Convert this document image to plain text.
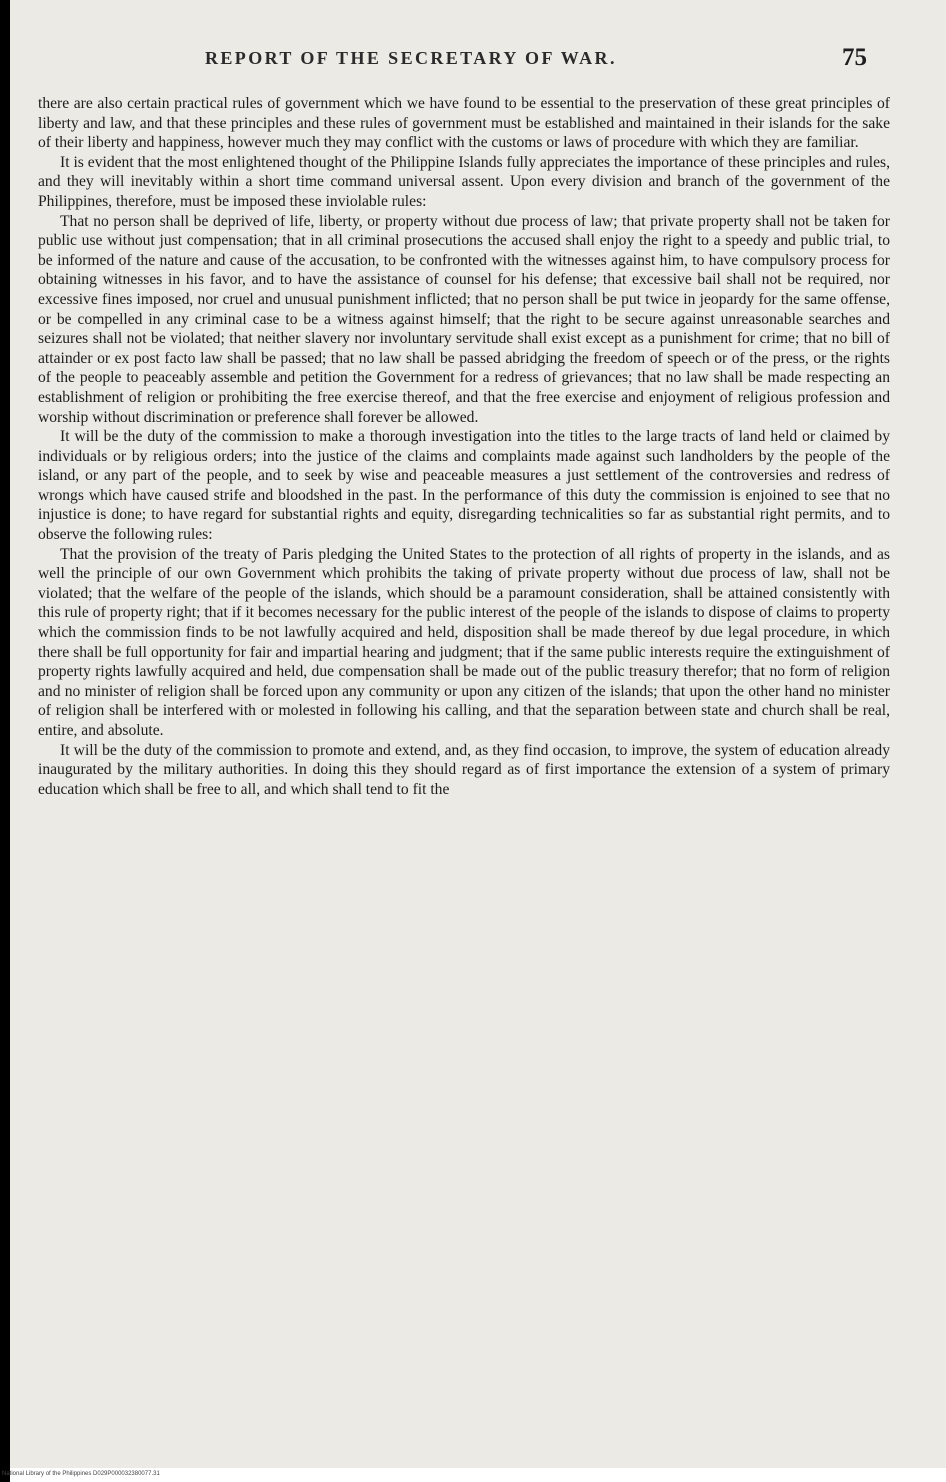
REPORT OF THE SECRETARY OF WAR.	75

there are also certain practical rules of government which we have found to be essential to the preservation of these great principles of liberty and law, and that these principles and these rules of government must be established and maintained in their islands for the sake of their liberty and happiness, however much they may conflict with the customs or laws of procedure with which they are familiar.

It is evident that the most enlightened thought of the Philippine Islands fully appreciates the importance of these principles and rules, and they will inevitably within a short time command universal assent. Upon every division and branch of the government of the Philippines, therefore, must be imposed these inviolable rules:

That no person shall be deprived of life, liberty, or property without due process of law; that private property shall not be taken for public use without just compensation; that in all criminal prosecutions the accused shall enjoy the right to a speedy and public trial, to be informed of the nature and cause of the accusation, to be confronted with the witnesses against him, to have compulsory process for obtaining witnesses in his favor, and to have the assistance of counsel for his defense; that excessive bail shall not be required, nor excessive fines imposed, nor cruel and unusual punishment inflicted; that no person shall be put twice in jeopardy for the same offense, or be compelled in any criminal case to be a witness against himself; that the right to be secure against unreasonable searches and seizures shall not be violated; that neither slavery nor involuntary servitude shall exist except as a punishment for crime; that no bill of attainder or ex post facto law shall be passed; that no law shall be passed abridging the freedom of speech or of the press, or the rights of the people to peaceably assemble and petition the Government for a redress of grievances; that no law shall be made respecting an establishment of religion or prohibiting the free exercise thereof, and that the free exercise and enjoyment of religious profession and worship without discrimination or preference shall forever be allowed.

It will be the duty of the commission to make a thorough investigation into the titles to the large tracts of land held or claimed by individuals or by religious orders; into the justice of the claims and complaints made against such landholders by the people of the island, or any part of the people, and to seek by wise and peaceable measures a just settlement of the controversies and redress of wrongs which have caused strife and bloodshed in the past. In the performance of this duty the commission is enjoined to see that no injustice is done; to have regard for substantial rights and equity, disregarding technicalities so far as substantial right permits, and to observe the following rules:

That the provision of the treaty of Paris pledging the United States to the protection of all rights of property in the islands, and as well the principle of our own Government which prohibits the taking of private property without due process of law, shall not be violated; that the welfare of the people of the islands, which should be a paramount consideration, shall be attained consistently with this rule of property right; that if it becomes necessary for the public interest of the people of the islands to dispose of claims to property which the commission finds to be not lawfully acquired and held, disposition shall be made thereof by due legal procedure, in which there shall be full opportunity for fair and impartial hearing and judgment; that if the same public interests require the extinguishment of property rights lawfully acquired and held, due compensation shall be made out of the public treasury therefor; that no form of religion and no minister of religion shall be forced upon any community or upon any citizen of the islands; that upon the other hand no minister of religion shall be interfered with or molested in following his calling, and that the separation between state and church shall be real, entire, and absolute.

It will be the duty of the commission to promote and extend, and, as they find occasion, to improve, the system of education already inaugurated by the military authorities. In doing this they should regard as of first importance the extension of a system of primary education which shall be free to all, and which shall tend to fit the

National Library of the Philippines D029P000032380077.31
